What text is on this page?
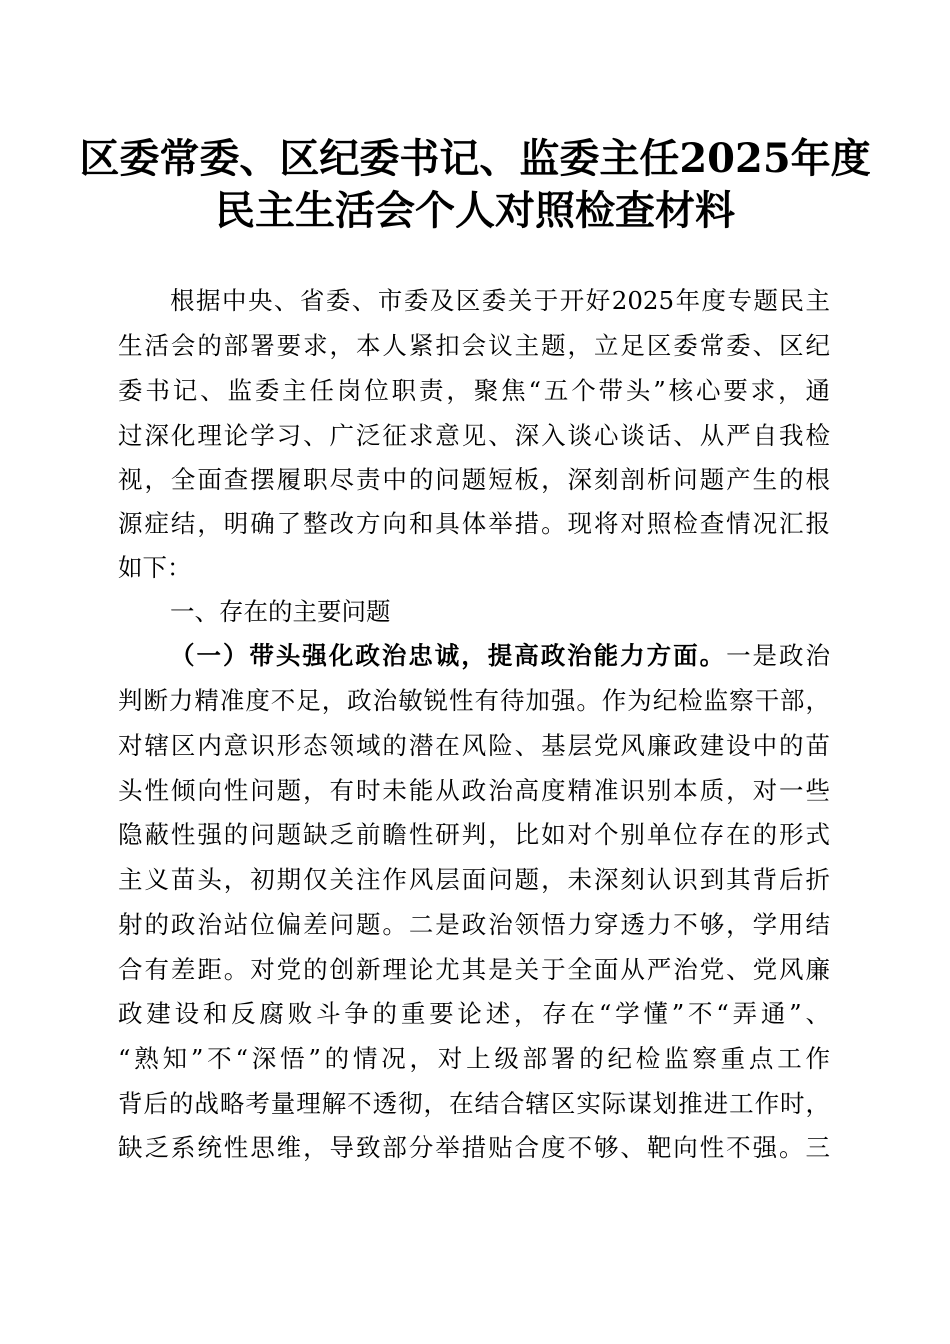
区委常委、区纪委书记、监委主任2025年度
民主生活会个人对照检查材料
根据中央、省委、市委及区委关于开好2025年度专题民主
生活会的部署要求，本人紧扣会议主题，立足区委常委、区纪
委书记、监委主任岗位职责，聚焦“五个带头”核心要求，通
过深化理论学习、广泛征求意见、深入谈心谈话、从严自我检
视，全面查摆履职尽责中的问题短板，深刻剖析问题产生的根
源症结，明确了整改方向和具体举措。现将对照检查情况汇报
如下：
一、存在的主要问题
（一）带头强化政治忠诚，提高政治能力方面。一是政治
判断力精准度不足，政治敏锐性有待加强。作为纪检监察干部，
对辖区内意识形态领域的潜在风险、基层党风廉政建设中的苗
头性倾向性问题，有时未能从政治高度精准识别本质，对一些
隐蔽性强的问题缺乏前瞻性研判，比如对个别单位存在的形式
主义苗头，初期仅关注作风层面问题，未深刻认识到其背后折
射的政治站位偏差问题。二是政治领悟力穿透力不够，学用结
合有差距。对党的创新理论尤其是关于全面从严治党、党风廉
政建设和反腐败斗争的重要论述，存在“学懂”不“弄通”、
“熟知”不“深悟”的情况，对上级部署的纪检监察重点工作
背后的战略考量理解不透彻，在结合辖区实际谋划推进工作时，
缺乏系统性思维，导致部分举措贴合度不够、靶向性不强。三
